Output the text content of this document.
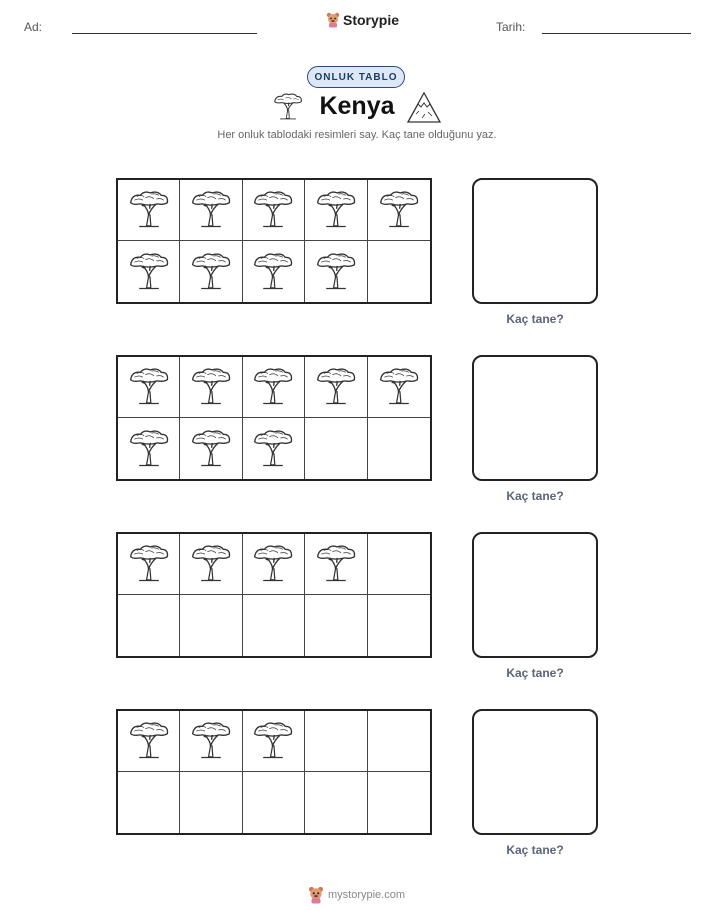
Ad:	Storypie	Tarih:
ONLUK TABLO
Kenya
Her onluk tablodaki resimleri say. Kaç tane olduğunu yaz.
Kaç tane?
Kaç tane?
Kaç tane?
Kaç tane?
mystorypie.com
